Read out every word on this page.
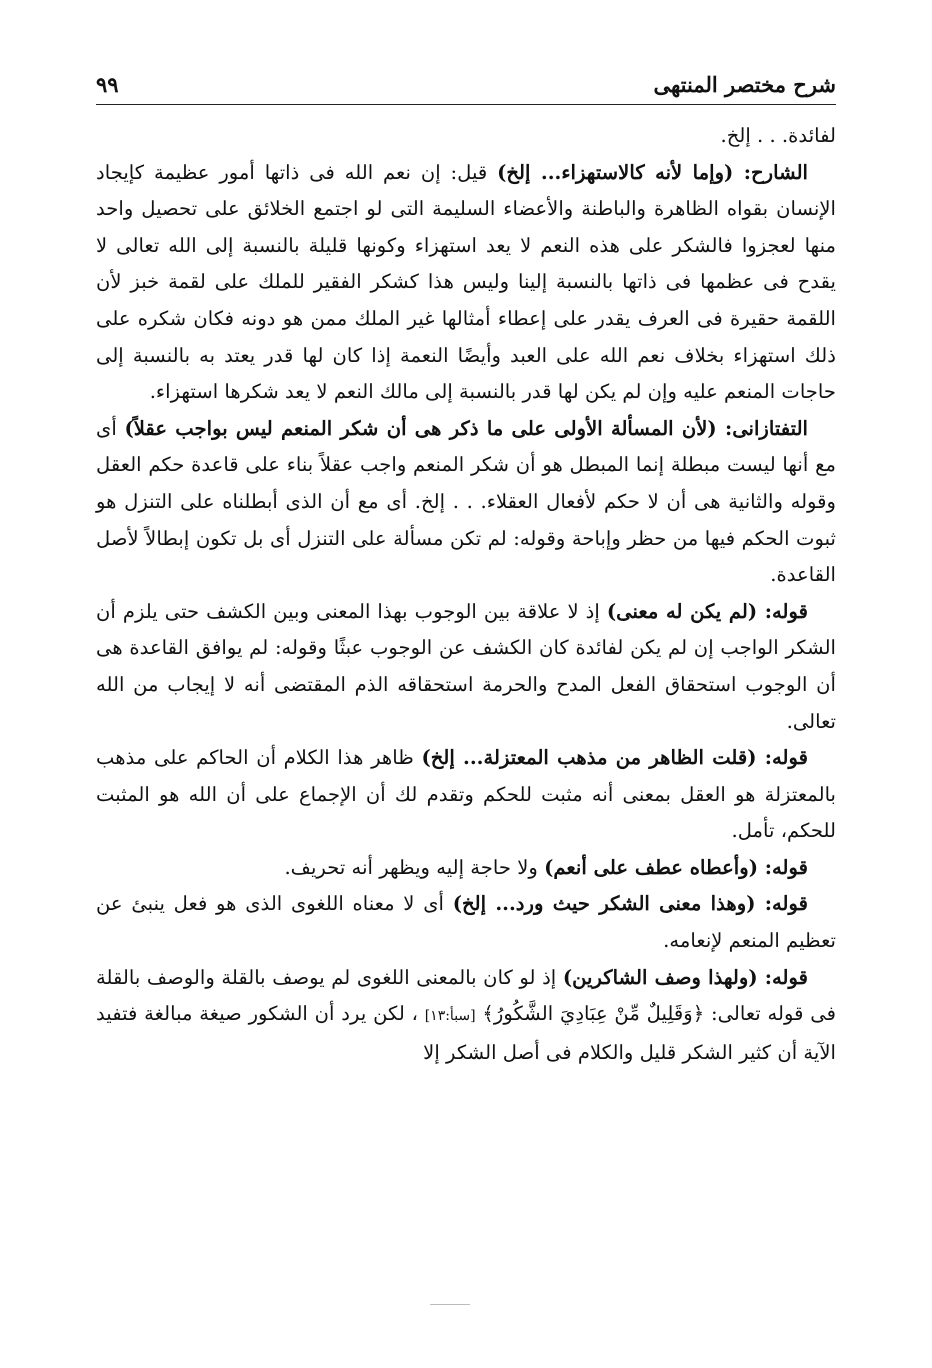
شرح مختصر المنتهى
٩٩

لفائدة. . . إلخ.

الشارح: (وإما لأنه كالاستهزاء... إلخ) قيل: إن نعم الله فى ذاتها أمور عظيمة كإيجاد الإنسان بقواه الظاهرة والباطنة والأعضاء السليمة التى لو اجتمع الخلائق على تحصيل واحد منها لعجزوا فالشكر على هذه النعم لا يعد استهزاء وكونها قليلة بالنسبة إلى الله تعالى لا يقدح فى عظمها فى ذاتها بالنسبة إلينا وليس هذا كشكر الفقير للملك على لقمة خبز لأن اللقمة حقيرة فى العرف يقدر على إعطاء أمثالها غير الملك ممن هو دونه فكان شكره على ذلك استهزاء بخلاف نعم الله على العبد وأيضًا النعمة إذا كان لها قدر يعتد به بالنسبة إلى حاجات المنعم عليه وإن لم يكن لها قدر بالنسبة إلى مالك النعم لا يعد شكرها استهزاء.

التفتازانى: (لأن المسألة الأولى على ما ذكر هى أن شكر المنعم ليس بواجب عقلاً) أى مع أنها ليست مبطلة إنما المبطل هو أن شكر المنعم واجب عقلاً بناء على قاعدة حكم العقل وقوله والثانية هى أن لا حكم لأفعال العقلاء. . . إلخ. أى مع أن الذى أبطلناه على التنزل هو ثبوت الحكم فيها من حظر وإباحة وقوله: لم تكن مسألة على التنزل أى بل تكون إبطالاً لأصل القاعدة.

قوله: (لم يكن له معنى) إذ لا علاقة بين الوجوب بهذا المعنى وبين الكشف حتى يلزم أن الشكر الواجب إن لم يكن لفائدة كان الكشف عن الوجوب عبثًا وقوله: لم يوافق القاعدة هى أن الوجوب استحقاق الفعل المدح والحرمة استحقاقه الذم المقتضى أنه لا إيجاب من الله تعالى.

قوله: (قلت الظاهر من مذهب المعتزلة... إلخ) ظاهر هذا الكلام أن الحاكم على مذهب بالمعتزلة هو العقل بمعنى أنه مثبت للحكم وتقدم لك أن الإجماع على أن الله هو المثبت للحكم، تأمل.

قوله: (وأعطاه عطف على أنعم) ولا حاجة إليه ويظهر أنه تحريف.

قوله: (وهذا معنى الشكر حيث ورد... إلخ) أى لا معناه اللغوى الذى هو فعل ينبئ عن تعظيم المنعم لإنعامه.

قوله: (ولهذا وصف الشاكرين) إذ لو كان بالمعنى اللغوى لم يوصف بالقلة والوصف بالقلة فى قوله تعالى: ﴿وَقَلِيلٌ مِّنْ عِبَادِيَ الشَّكُورُ﴾ [سبأ:١٣] ، لكن يرد أن الشكور صيغة مبالغة فتفيد الآية أن كثير الشكر قليل والكلام فى أصل الشكر إلا
